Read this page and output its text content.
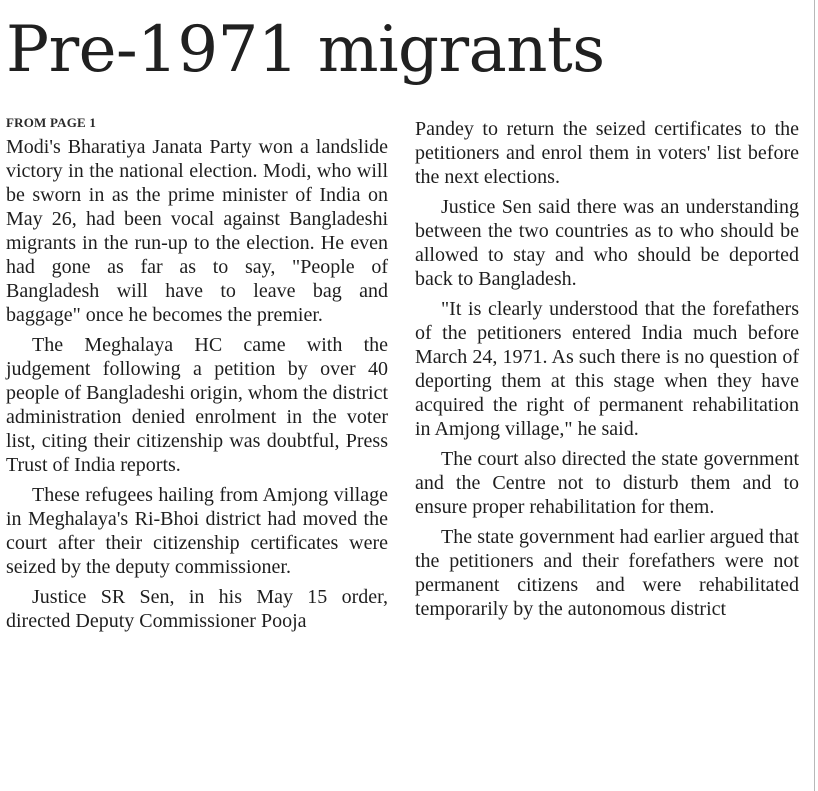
Pre-1971 migrants
FROM PAGE 1

Modi's Bharatiya Janata Party won a landslide victory in the national election. Modi, who will be sworn in as the prime minister of India on May 26, had been vocal against Bangladeshi migrants in the run-up to the election. He even had gone as far as to say, "People of Bangladesh will have to leave bag and baggage" once he becomes the premier.

The Meghalaya HC came with the judgement following a petition by over 40 people of Bangladeshi origin, whom the district administration denied enrolment in the voter list, citing their citizenship was doubtful, Press Trust of India reports.

These refugees hailing from Amjong village in Meghalaya's Ri-Bhoi district had moved the court after their citizenship certificates were seized by the deputy commissioner.

Justice SR Sen, in his May 15 order, directed Deputy Commissioner Pooja

Pandey to return the seized certificates to the petitioners and enrol them in voters' list before the next elections.

Justice Sen said there was an understanding between the two countries as to who should be allowed to stay and who should be deported back to Bangladesh.

"It is clearly understood that the forefathers of the petitioners entered India much before March 24, 1971. As such there is no question of deporting them at this stage when they have acquired the right of permanent rehabilitation in Amjong village," he said.

The court also directed the state government and the Centre not to disturb them and to ensure proper rehabilitation for them.

The state government had earlier argued that the petitioners and their forefathers were not permanent citizens and were rehabilitated temporarily by the autonomous district
